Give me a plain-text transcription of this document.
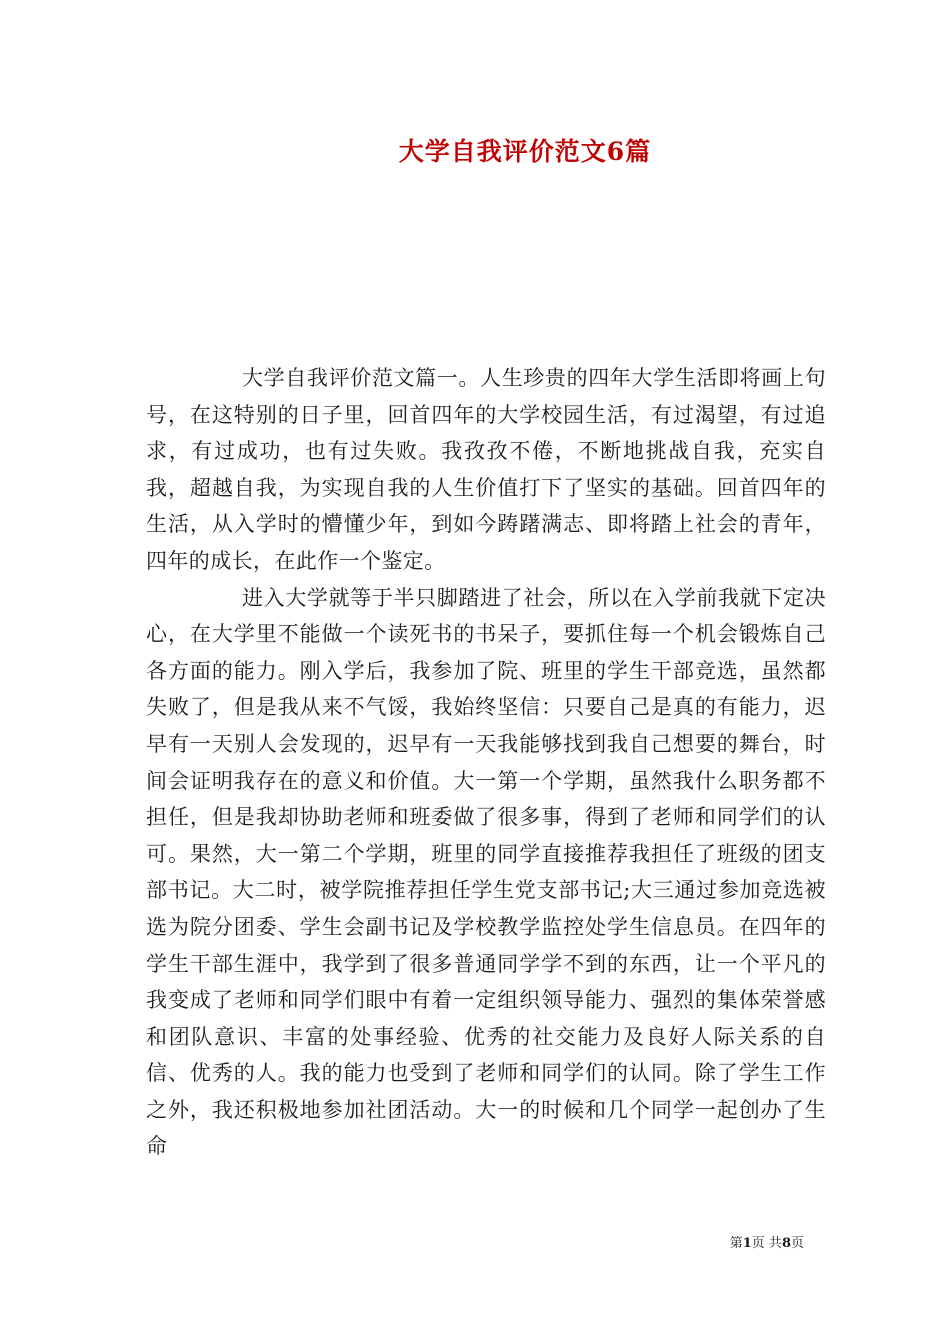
大学自我评价范文6篇

大学自我评价范文篇一。人生珍贵的四年大学生活即将画上句号，在这特别的日子里，回首四年的大学校园生活，有过渴望，有过追求，有过成功，也有过失败。我孜孜不倦，不断地挑战自我，充实自我，超越自我，为实现自我的人生价值打下了坚实的基础。回首四年的生活，从入学时的懵懂少年，到如今踌躇满志、即将踏上社会的青年，四年的成长，在此作一个鉴定。

进入大学就等于半只脚踏进了社会，所以在入学前我就下定决心，在大学里不能做一个读死书的书呆子，要抓住每一个机会锻炼自己各方面的能力。刚入学后，我参加了院、班里的学生干部竞选，虽然都失败了，但是我从来不气馁，我始终坚信：只要自己是真的有能力，迟早有一天别人会发现的，迟早有一天我能够找到我自己想要的舞台，时间会证明我存在的意义和价值。大一第一个学期，虽然我什么职务都不担任，但是我却协助老师和班委做了很多事，得到了老师和同学们的认可。果然，大一第二个学期，班里的同学直接推荐我担任了班级的团支部书记。大二时，被学院推荐担任学生党支部书记;大三通过参加竞选被选为院分团委、学生会副书记及学校教学监控处学生信息员。在四年的学生干部生涯中，我学到了很多普通同学学不到的东西，让一个平凡的我变成了老师和同学们眼中有着一定组织领导能力、强烈的集体荣誉感和团队意识、丰富的处事经验、优秀的社交能力及良好人际关系的自信、优秀的人。我的能力也受到了老师和同学们的认同。除了学生工作之外，我还积极地参加社团活动。大一的时候和几个同学一起创办了生命

第1页 共8页
